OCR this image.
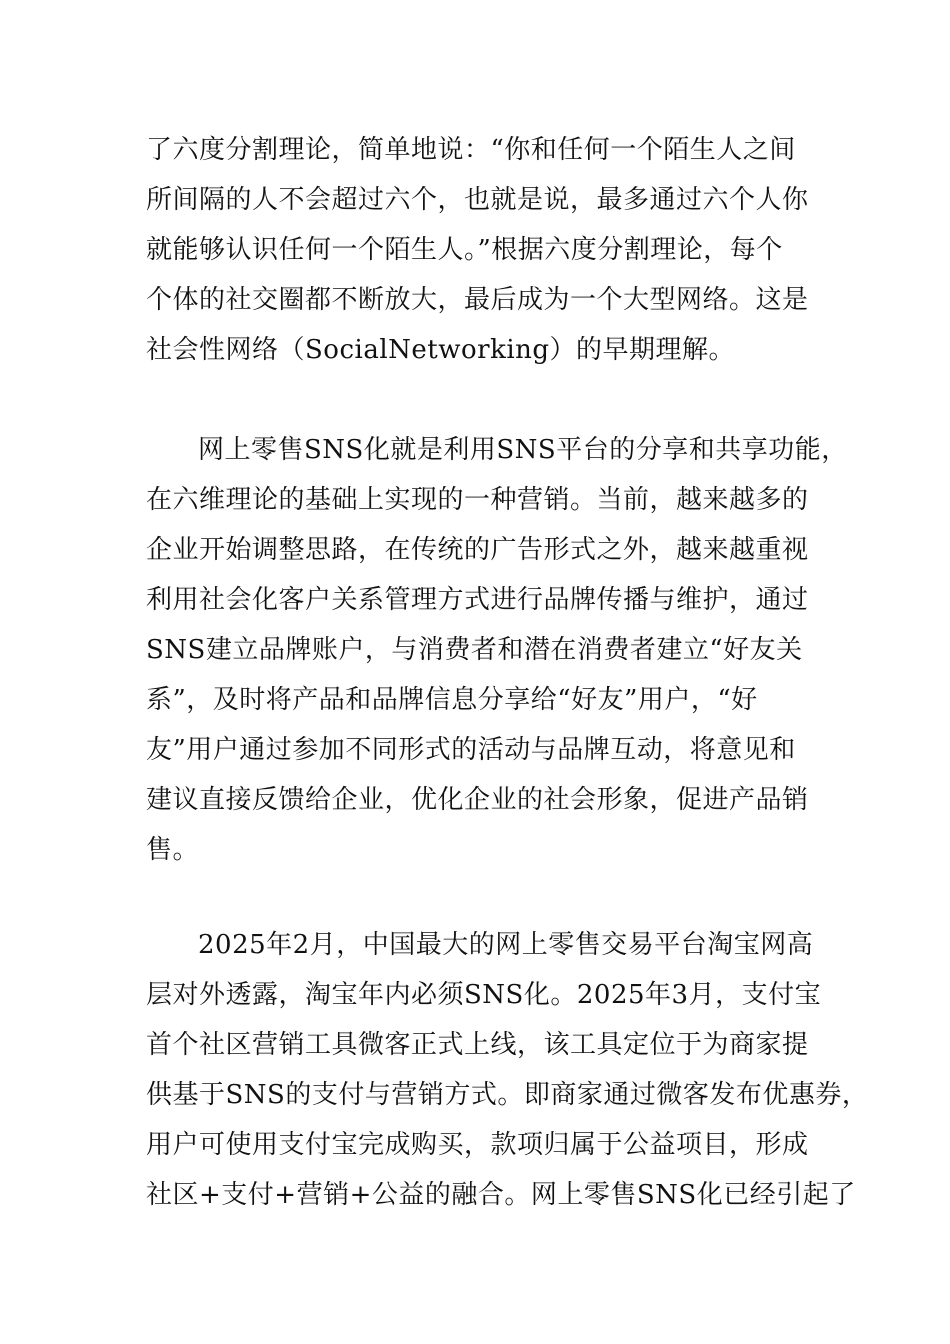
了六度分割理论，简单地说：“你和任何一个陌生人之间
所间隔的人不会超过六个，也就是说，最多通过六个人你
就能够认识任何一个陌生人。”根据六度分割理论，每个
个体的社交圈都不断放大，最后成为一个大型网络。这是
社会性网络（SocialNetworking）的早期理解。
网上零售SNS化就是利用SNS平台的分享和共享功能，
在六维理论的基础上实现的一种营销。当前，越来越多的
企业开始调整思路，在传统的广告形式之外，越来越重视
利用社会化客户关系管理方式进行品牌传播与维护，通过
SNS建立品牌账户，与消费者和潜在消费者建立“好友关
系”，及时将产品和品牌信息分享给“好友”用户，“好
友”用户通过参加不同形式的活动与品牌互动，将意见和
建议直接反馈给企业，优化企业的社会形象，促进产品销
售。
2025年2月，中国最大的网上零售交易平台淘宝网高
层对外透露，淘宝年内必须SNS化。2025年3月，支付宝
首个社区营销工具微客正式上线，该工具定位于为商家提
供基于SNS的支付与营销方式。即商家通过微客发布优惠券，
用户可使用支付宝完成购买，款项归属于公益项目，形成
社区+支付+营销+公益的融合。网上零售SNS化已经引起了
